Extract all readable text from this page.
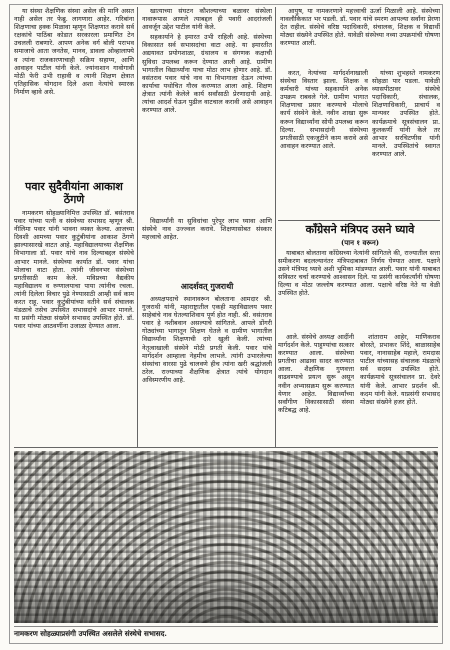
या संस्था शैक्षणिक संस्था असेल की मानि असत नाही असेल तर फेब्रु. लागणारा आहेर. गरिबांना शिक्षणाचा हक्क मिळावा म्हणून शिक्षणात करावे सर्व रक्षकांचे पाठिंबा कोडात सरकारला प्रमाणित टेन उचलली राबणारे. आपण अनेक वर्ग बोली पराभव समाजाचे आता जनतेस, मानव, डावला ओव्हालाफ्ये व त्यांना राजकारणाचाही सक्रिय सहाय्य, आणि आवाहन पाटील यांनी केले. ज्यांनाशान गावोगावी मोठी फेरी उभी राहावी व त्यानी शिक्षण क्षेत्रात एतिहासिक योगदान दिले अशा नेत्यांचे स्मारक निर्माण व्हावे असे.

पवार सुदैवीयांना आकाश ठेंगणे

नामकरण सोहळ्यानिमित्त उपस्थित डॉ. बसंतराव पवार यांच्या पत्नी व संस्थेच्या सभासद म्हणून श्री. नीलिमा पवार यांनी भावना व्यक्त केल्या. आजच्या दिवशी आमच्या पवार कुटुंबीयांना आकाश ठेंगणे झाल्यासारखे वाटत आहे. महाविद्यालयाच्या शैक्षणिक विभागाला डॉ. पवार यांचे नाव दिल्याबद्दल संस्थेचे आभार मानले. संस्थेच्या कार्यात डॉ. पवार यांचा मोलाचा वाटा होता. त्यांनी जीवनभर संस्थेच्या प्रगतीसाठी काम केले. मविप्रच्या वैद्यकीय महाविद्यालय व रुग्णालयाचा पाया त्यांनीच रचला. त्यांनी दिलेला विचार पुढे नेण्यासाठी आम्ही सर्व काम करत राहू. पवार कुटुंबीयांच्या वतीने सर्व संचालक मंडळाचे तसेच उपस्थित सभासदांचे आभार मानले. या प्रसंगी मोठ्या संख्येने सभासद उपस्थित होते. डॉ. पवार यांच्या आठवणींना उजाळा देण्यात आला.

खात्याच्या संघटन कौशल्याच्या बळावर संस्थेला नावारूपास आणले त्याबद्दल ही पवारी आदरांजली आवर्जून उद्देश पाटील यांनी केले.

सहकार्याने हे इमारत उभी राहिली आहे. संस्थेच्या विकासात सर्व सभासदांचा वाटा आहे. या इमारतीत अद्ययावत प्रयोगशाळा, ग्रंथालय व संगणक कक्षाची सुविधा उपलब्ध करून देण्यात आली आहे. ग्रामीण भागातील विद्यार्थ्यांना याचा मोठा लाभ होणार आहे. डॉ. वसंतराव पवार यांचे नाव या विभागाला देऊन त्यांच्या कार्याचा यथोचित गौरव करण्यात आला आहे. शिक्षण क्षेत्रात त्यांनी केलेले कार्य सर्वांसाठी प्रेरणादायी आहे. त्यांचा आदर्श घेऊन पुढील वाटचाल करावी असे आवाहन करण्यात आले.

विद्यार्थ्यांनी या सुविधांचा पुरेपूर लाभ घ्यावा आणि संस्थेचे नाव उज्ज्वल करावे. शिक्षणासोबत संस्कार महत्त्वाचे आहेत.

आदर्शवत् गुजराथी

अध्यक्षपदाचे स्थानावरून बोलताना आमदार श्री. गुजराथी यांनी, महाराष्ट्रातील एकही महाविद्यालय पवार साहेबांचे नाव घेतल्याशिवाय पूर्ण होत नाही. श्री. वसंतराव पवार हे नशीबवान असल्याचे सांगितले. आपले डोंगरी गोठ्यांच्या भागातून शिक्षण घेतले व ग्रामीण भागातील विद्यार्थ्यांना शिक्षणाची दारे खुली केली. त्यांच्या नेतृत्वाखाली संस्थेने मोठी प्रगती केली. पवार यांचे मार्गदर्शन आम्हाला नेहमीच लाभले. त्यांनी उभारलेल्या संस्थांचा वारसा पुढे चालवणे हीच त्यांना खरी श्रद्धांजली ठरेल. राज्याच्या शैक्षणिक क्षेत्रात त्यांचे योगदान अविस्मरणीय आहे.

आयुष, या नामकरणाने महत्त्वाची ऊर्जा मिळाली आहे. संस्थेच्या नावलौकिकात भर पडली. डॉ. पवार यांचे स्मरण आपल्या सर्वांना प्रेरणा देत राहील. संस्थेचे वरिष्ठ पदाधिकारी, संचालक, शिक्षक व विद्यार्थी मोठ्या संख्येने उपस्थित होते. यावेळी संस्थेच्या नव्या उपक्रमांची घोषणा करण्यात आली.

करत, नेत्यांच्या मार्गदर्शनाखाली संस्थेचा विस्तार झाला. शिक्षक व कर्मचारी यांच्या सहकार्याने अनेक उपक्रम राबवले गेले. ग्रामीण भागात शिक्षणाचा प्रसार करण्याचे मोलाचे कार्य संस्थेने केले. नवीन शाखा सुरू करून विद्यार्थ्यांना सोयी उपलब्ध करून दिल्या. सभासदांनी संस्थेच्या प्रगतीसाठी एकजुटीने काम करावे असे आवाहन करण्यात आले.

यांच्या शुभहस्ते नामकरण सोहळा पार पडला. यावेळी व्यासपीठावर संस्थेचे पदाधिकारी, संचालक, शिक्षणाधिकारी, प्राचार्य व मान्यवर उपस्थित होते. कार्यक्रमाचे सूत्रसंचालन प्रा. कुलकर्णी यांनी केले तर आभार सरचिटणीस यांनी मानले. उपस्थितांचे स्वागत करण्यात आले.

कॉंग्रेसने मंत्रिपद उसने घ्यावे
(पान १ वरून)

याबाबत बोलताना कॉंग्रेसच्या नेत्यांनी सांगितले की, राज्यातील सत्ता समीकरण बदलल्यानंतर मंत्रिपदाबाबत निर्णय घेण्यात आला. पक्षाने उसने मंत्रिपद घ्यावे अशी भूमिका मांडण्यात आली. पवार यांनी याबाबत सविस्तर चर्चा करण्याचे आश्वासन दिले. या प्रसंगी कार्यकर्त्यांनी घोषणा दिल्या व मोठा जल्लोष करण्यात आला. पक्षाचे वरिष्ठ नेते या वेळी उपस्थित होते.

आले. संस्थेचे अध्यक्ष आदींनी मार्गदर्शन केले. पाहुण्यांचा सत्कार करण्यात आला. संस्थेच्या प्रगतीचा आढावा सादर करण्यात आला. शैक्षणिक गुणवत्ता वाढवण्याचे प्रयत्न सुरू असून नवीन अभ्यासक्रम सुरू करण्यात येणार आहेत. विद्यार्थ्यांच्या सर्वांगीण विकासासाठी संस्था कटिबद्ध आहे.

शांताराम आहेर, माणिकराव बोरस्ते, प्रभाकर शिंदे, बाळासाहेब पवार, नानासाहेब महाले, रामदास पाटील यांच्यासह संचालक मंडळाचे सर्व सदस्य उपस्थित होते. कार्यक्रमाचे सूत्रसंचालन प्रा. देवरे यांनी केले. आभार प्रदर्शन श्री. कदम यांनी केले. याप्रसंगी सभासद मोठ्या संख्येने हजर होते.

नामकरण सोहळ्याप्रसंगी उपस्थित असलेले संस्थेचे सभासद.
